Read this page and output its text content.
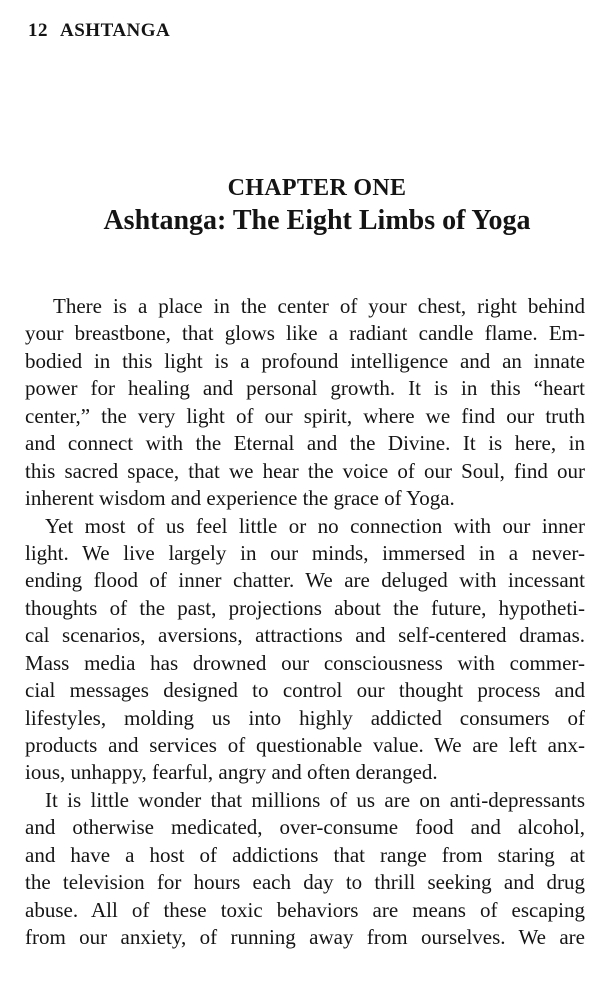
12 ASHTANGA
CHAPTER ONE
Ashtanga: The Eight Limbs of Yoga
There is a place in the center of your chest, right behind
your breastbone, that glows like a radiant candle flame. Em-
bodied in this light is a profound intelligence and an innate
power for healing and personal growth. It is in this “heart
center,” the very light of our spirit, where we find our truth
and connect with the Eternal and the Divine. It is here, in
this sacred space, that we hear the voice of our Soul, find our
inherent wisdom and experience the grace of Yoga.
Yet most of us feel little or no connection with our inner
light. We live largely in our minds, immersed in a never-
ending flood of inner chatter. We are deluged with incessant
thoughts of the past, projections about the future, hypotheti-
cal scenarios, aversions, attractions and self-centered dramas.
Mass media has drowned our consciousness with commer-
cial messages designed to control our thought process and
lifestyles, molding us into highly addicted consumers of
products and services of questionable value. We are left anx-
ious, unhappy, fearful, angry and often deranged.
It is little wonder that millions of us are on anti-depressants
and otherwise medicated, over-consume food and alcohol,
and have a host of addictions that range from staring at
the television for hours each day to thrill seeking and drug
abuse. All of these toxic behaviors are means of escaping
from our anxiety, of running away from ourselves. We are
